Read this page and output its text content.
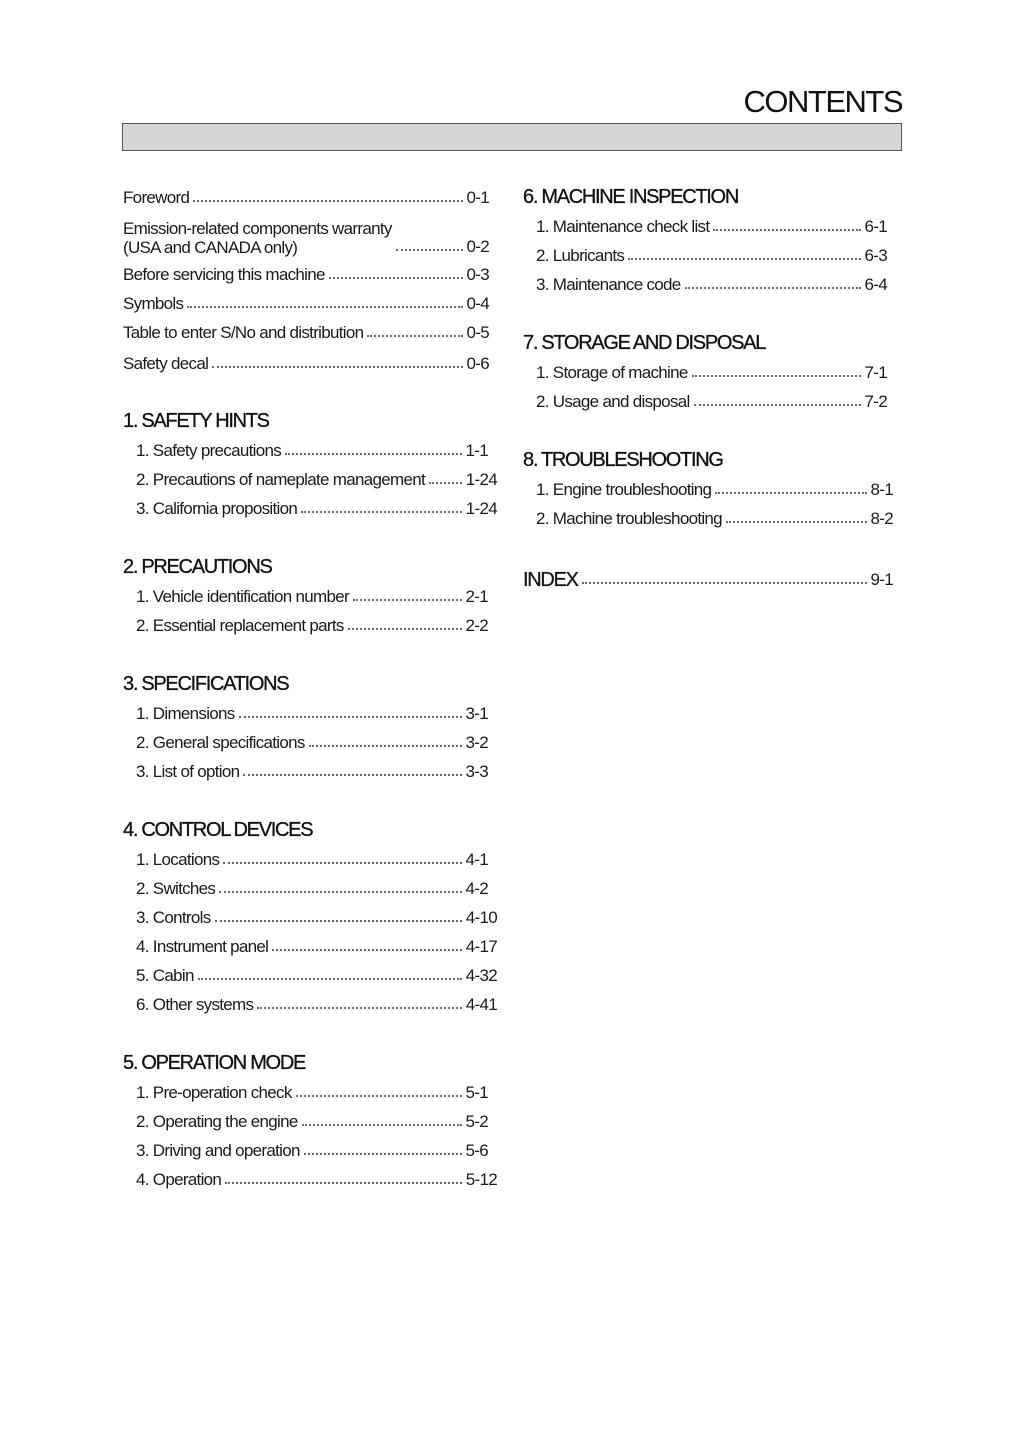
CONTENTS
Foreword	0-1
Emission-related components warranty
(USA and CANADA only)	0-2
Before servicing this machine	0-3
Symbols	0-4
Table to enter S/No and distribution	0-5
Safety decal	0-6
1. SAFETY HINTS
1. Safety precautions	1-1
2. Precautions of nameplate management 1-24
3. California proposition	1-24
2. PRECAUTIONS
1. Vehicle identification number	2-1
2. Essential replacement parts	2-2
3. SPECIFICATIONS
1. Dimensions	3-1
2. General specifications	3-2
3. List of option	3-3
4. CONTROL DEVICES
1. Locations	4-1
2. Switches	4-2
3. Controls	4-10
4. Instrument panel	4-17
5. Cabin	4-32
6. Other systems	4-41
5. OPERATION MODE
1. Pre-operation check	5-1
2. Operating the engine	5-2
3. Driving and operation	5-6
4. Operation	5-12
6. MACHINE INSPECTION
1. Maintenance check list	6-1
2. Lubricants	6-3
3. Maintenance code	6-4
7. STORAGE AND DISPOSAL
1. Storage of machine	7-1
2. Usage and disposal	7-2
8. TROUBLESHOOTING
1. Engine troubleshooting	8-1
2. Machine troubleshooting	8-2
INDEX	9-1
